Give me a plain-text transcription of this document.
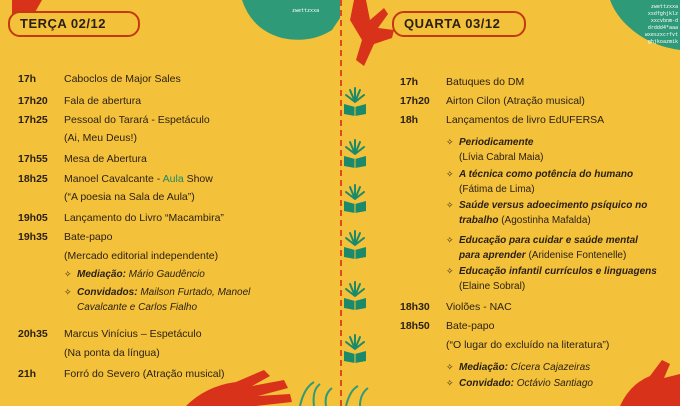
zwettzxxa
zwettzxxa
xsdfghjklz
xxcvbnm-d
drddd4*aaa
wxeszxcrfvt
ghjkoazmik
TERÇA 02/12
17h	Caboclos de Major Sales
17h20 Fala de abertura
17h25 Pessoal do Tarará - Espetáculo
(Ai, Meu Deus!)
17h55 Mesa de Abertura
18h25 Manoel Cavalcante - Aula Show
(“A poesia na Sala de Aula”)
19h05 Lançamento do Livro “Macambira”
19h35 Bate-papo
(Mercado editorial independente)
✧ Mediação: Mário Gaudêncio
✧ Convidados: Mailson Furtado, Manoel
Cavalcante e Carlos Fialho
20h35 Marcus Vinícius – Espetáculo
(Na ponta da língua)
21h	Forró do Severo (Atração musical)
QUARTA 03/12
17h	Batuques do DM
17h20 Airton Cilon (Atração musical)
18h	Lançamentos de livro EdUFERSA
✧ Periodicamente
(Lívia Cabral Maia)
✧ A técnica como potência do humano
(Fátima de Lima)
✧ Saúde versus adoecimento psíquico no
trabalho (Agostinha Mafalda)
✧ Educação para cuidar e saúde mental
para aprender (Aridenise Fontenelle)
✧ Educação infantil currículos e linguagens
(Elaine Sobral)
18h30 Violões - NAC
18h50 Bate-papo
(“O lugar do excluído na literatura”)
✧ Mediação: Cícera Cajazeiras
✧ Convidado: Octávio Santiago
